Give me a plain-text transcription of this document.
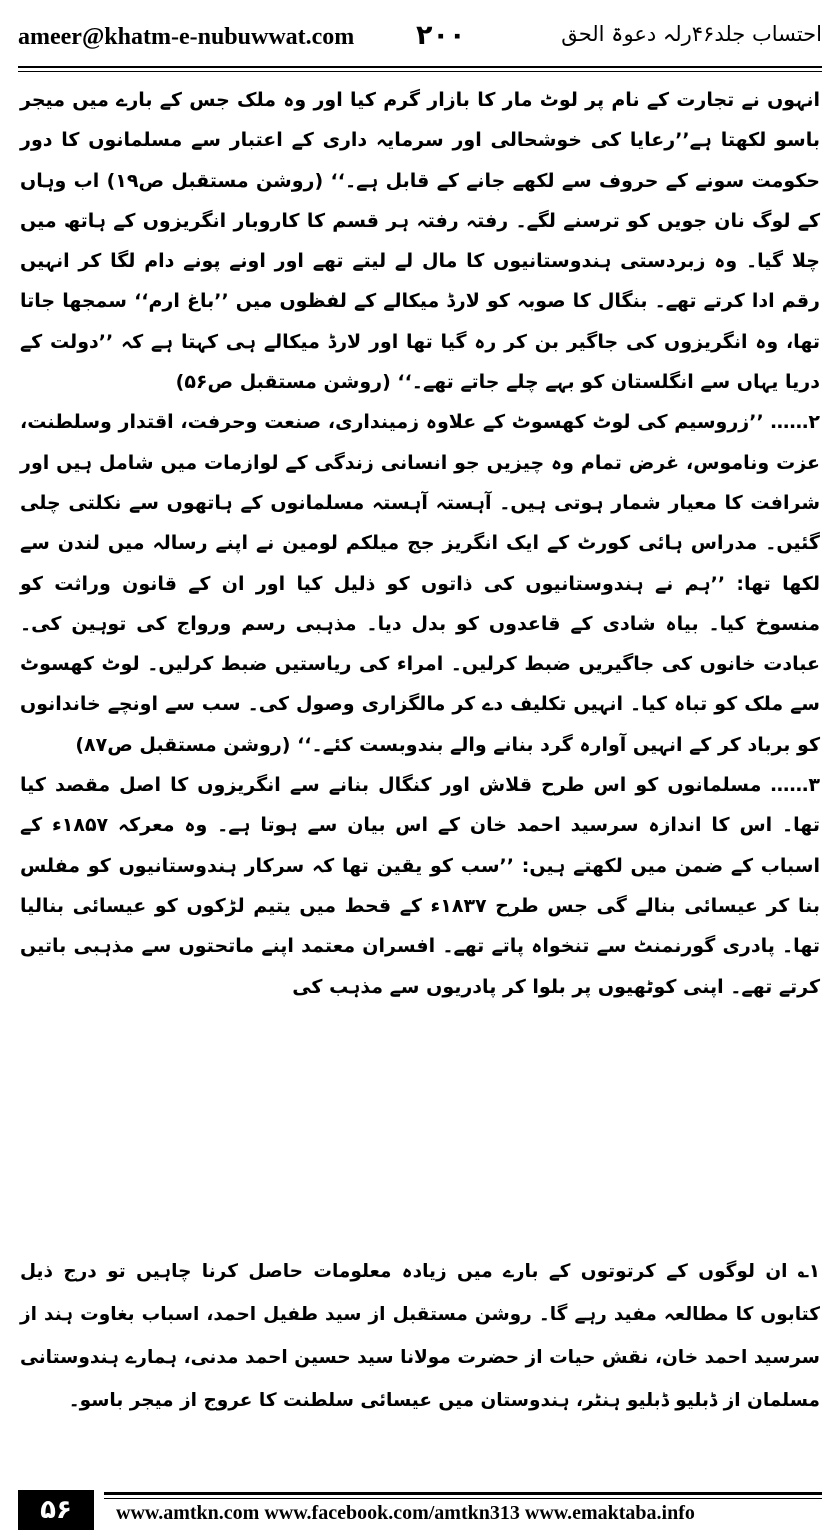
ameer@khatm-e-nubuwwat.com ۲۰۰	احتساب جلد۴۶رلہ دعوۃ الحق

انہوں نے تجارت کے نام پر لوٹ مار کا بازار گرم کیا اور وہ ملک جس کے بارے میں میجر باسو لکھتا ہے’’رعایا کی خوشحالی اور سرمایہ داری کے اعتبار سے مسلمانوں کا دور حکومت سونے کے حروف سے لکھے جانے کے قابل ہے۔‘‘ (روشن مستقبل ص۱۹) اب وہاں کے لوگ نان جویں کو ترسنے لگے۔ رفتہ رفتہ ہر قسم کا کاروبار انگریزوں کے ہاتھ میں چلا گیا۔ وہ زبردستی ہندوستانیوں کا مال لے لیتے تھے اور اونے پونے دام لگا کر انہیں رقم ادا کرتے تھے۔ بنگال کا صوبہ کو لارڈ میکالے کے لفظوں میں ’’باغ ارم‘‘ سمجھا جاتا تھا، وہ انگریزوں کی جاگیر بن کر رہ گیا تھا اور لارڈ میکالے ہی کہتا ہے کہ ’’دولت کے دریا یہاں سے انگلستان کو بہے چلے جاتے تھے۔‘‘ (روشن مستقبل ص۵۶)

۲…… ’’زروسیم کی لوٹ کھسوٹ کے علاوہ زمینداری، صنعت وحرفت، اقتدار وسلطنت، عزت وناموس، غرض تمام وہ چیزیں جو انسانی زندگی کے لوازمات میں شامل ہیں اور شرافت کا معیار شمار ہوتی ہیں۔ آہستہ آہستہ مسلمانوں کے ہاتھوں سے نکلتی چلی گئیں۔ مدراس ہائی کورٹ کے ایک انگریز جج میلکم لومین نے اپنے رسالہ میں لندن سے لکھا تھا: ’’ہم نے ہندوستانیوں کی ذاتوں کو ذلیل کیا اور ان کے قانون وراثت کو منسوخ کیا۔ بیاہ شادی کے قاعدوں کو بدل دیا۔ مذہبی رسم ورواج کی توہین کی۔ عبادت خانوں کی جاگیریں ضبط کرلیں۔ امراء کی ریاستیں ضبط کرلیں۔ لوٹ کھسوٹ سے ملک کو تباہ کیا۔ انہیں تکلیف دے کر مالگزاری وصول کی۔ سب سے اونچے خاندانوں کو برباد کر کے انہیں آوارہ گرد بنانے والے بندوبست کئے۔‘‘ (روشن مستقبل ص۸۷)

۳…… مسلمانوں کو اس طرح قلاش اور کنگال بنانے سے انگریزوں کا اصل مقصد کیا تھا۔ اس کا اندازہ سرسید احمد خان کے اس بیان سے ہوتا ہے۔ وہ معرکہ ۱۸۵۷ء کے اسباب کے ضمن میں لکھتے ہیں: ’’سب کو یقین تھا کہ سرکار ہندوستانیوں کو مفلس بنا کر عیسائی بنالے گی جس طرح ۱۸۳۷ء کے قحط میں یتیم لڑکوں کو عیسائی بنالیا تھا۔ پادری گورنمنٹ سے تنخواہ پاتے تھے۔ افسران معتمد اپنے ماتحتوں سے مذہبی باتیں کرتے تھے۔ اپنی کوٹھیوں پر بلوا کر پادریوں سے مذہب کی

۱؎ ان لوگوں کے کرتوتوں کے بارے میں زیادہ معلومات حاصل کرنا چاہیں تو درج ذیل کتابوں کا مطالعہ مفید رہے گا۔ روشن مستقبل از سید طفیل احمد، اسباب بغاوت ہند از سرسید احمد خان، نقش حیات از حضرت مولانا سید حسین احمد مدنی، ہمارے ہندوستانی مسلمان از ڈبلیو ڈبلیو ہنٹر، ہندوستان میں عیسائی سلطنت کا عروج از میجر باسو۔

۵۶	www.amtkn.com www.facebook.com/amtkn313 www.emaktaba.info
